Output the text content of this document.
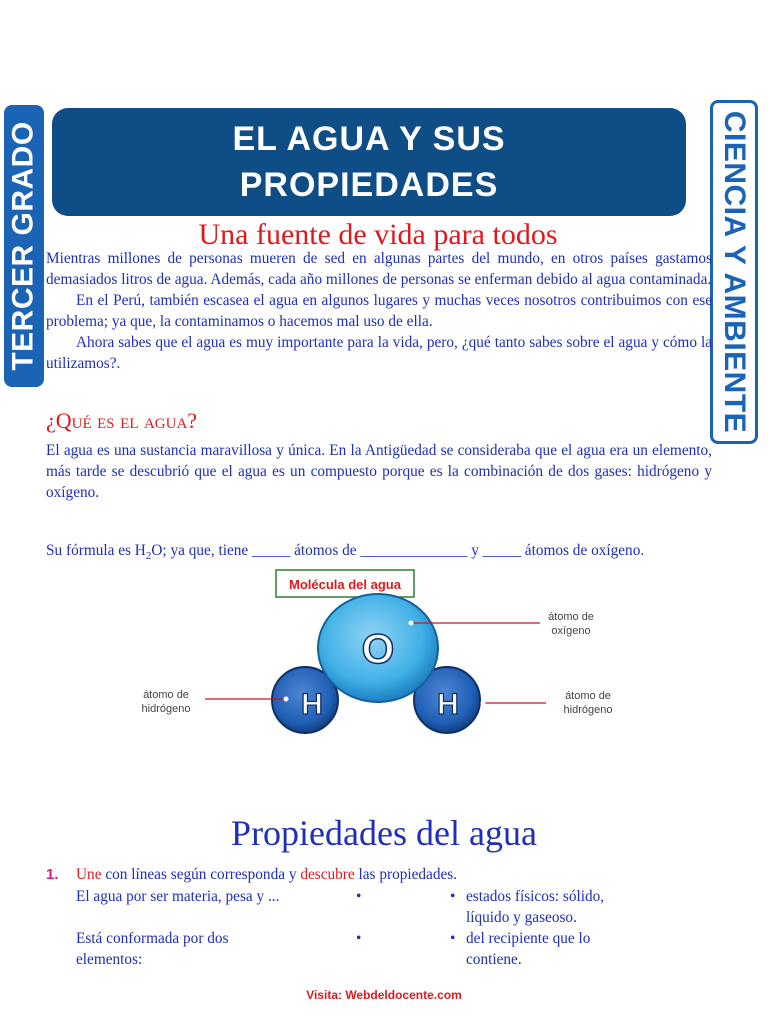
TERCER GRADO	CIENCIA Y AMBIENTE
EL AGUA Y SUS
PROPIEDADES
Una fuente de vida para todos

Mientras millones de personas mueren de sed en algunas partes del mundo, en otros países gastamos demasiados litros de agua. Además, cada año millones de personas se enferman debido al agua contaminada.

En el Perú, también escasea el agua en algunos lugares y muchas veces nosotros contribuimos con ese problema; ya que, la contaminamos o hacemos mal uso de ella.

Ahora sabes que el agua es muy importante para la vida, pero, ¿qué tanto sabes sobre el agua y cómo la utilizamos?.

¿Qué es el agua?

El agua es una sustancia maravillosa y única. En la Antigüedad se consideraba que el agua era un elemento, más tarde se descubrió que el agua es un compuesto porque es la combinación de dos gases: hidrógeno y oxígeno.

Su fórmula es $H_2O$; ya que, tiene _____ átomos de ______________ y _____ átomos de oxígeno.
Molécula del agua
O
H	H
átomo de
oxígeno
átomo de
hidrógeno
átomo de
hidrógeno
Propiedades del agua
1. Une con líneas según corresponda y descubre las propiedades.
El agua por ser materia, pesa y ...
Está conformada por dos
elementos:
•
•
•
•
estados físicos: sólido,
líquido y gaseoso.
del recipiente que lo
contiene.
Visita: Webdeldocente.com
